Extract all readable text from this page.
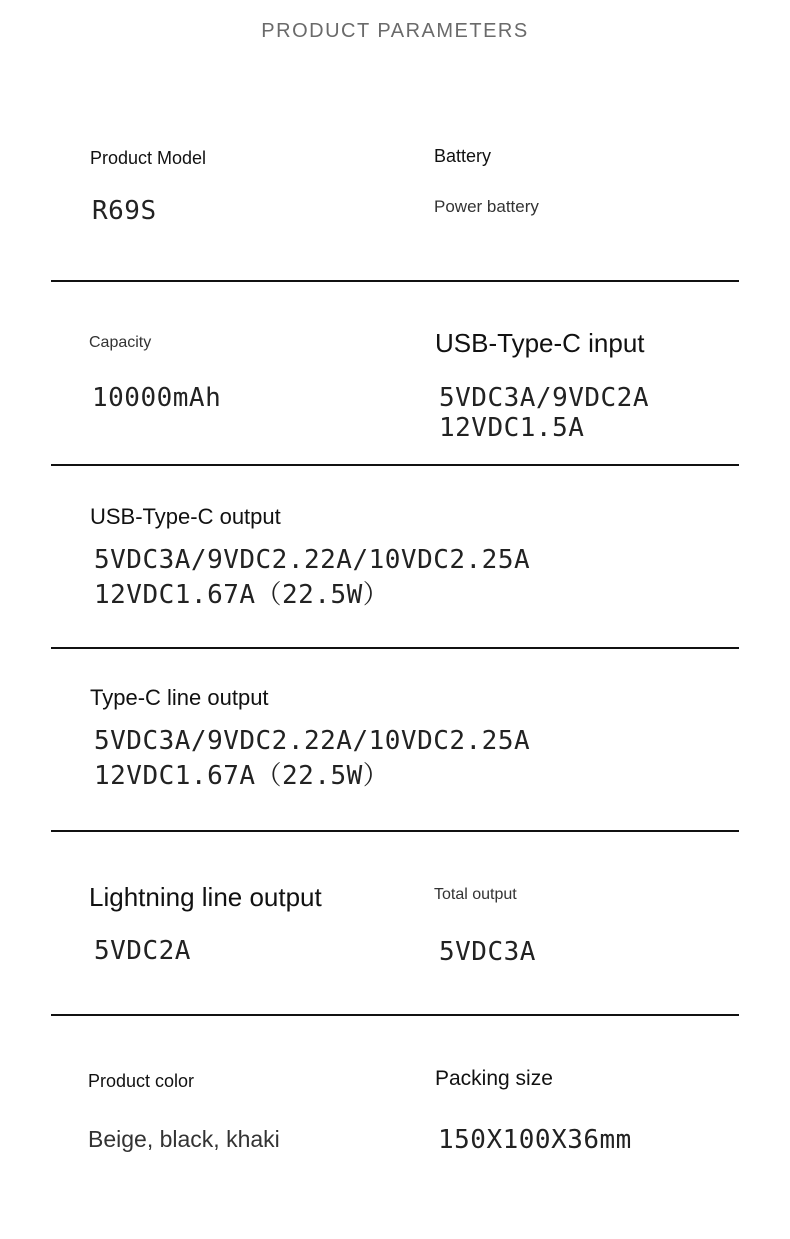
PRODUCT PARAMETERS
Product Model
R69S
Battery
Power battery
Capacity
10000mAh
USB-Type-C input
5VDC3A/9VDC2A
12VDC1.5A
USB-Type-C output
5VDC3A/9VDC2.22A/10VDC2.25A
12VDC1.67A（22.5W）
Type-C line output
5VDC3A/9VDC2.22A/10VDC2.25A
12VDC1.67A（22.5W）
Lightning line output
5VDC2A
Total output
5VDC3A
Product color
Beige, black, khaki
Packing size
150X100X36mm
